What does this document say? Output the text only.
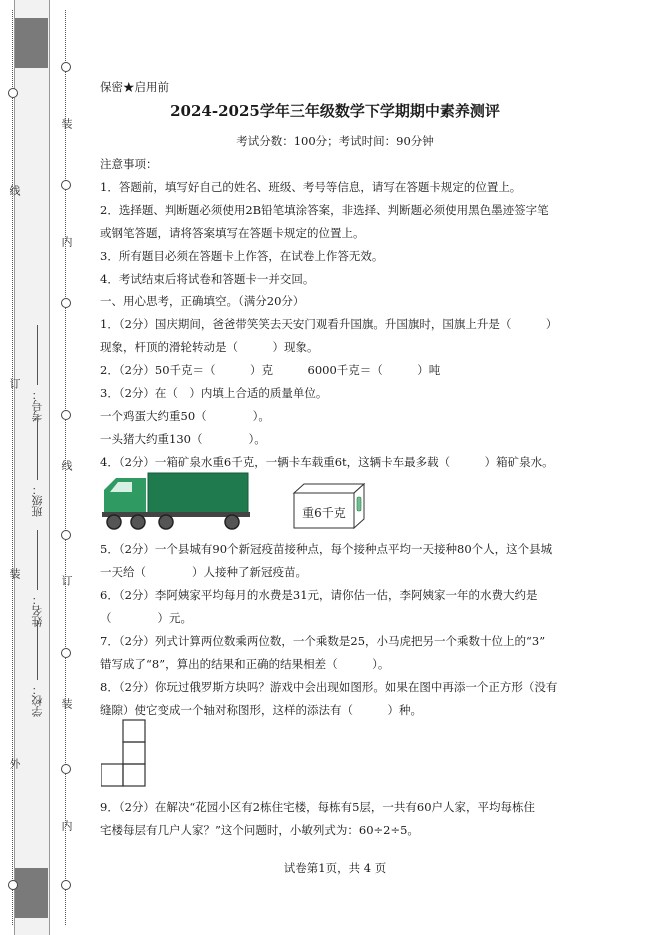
装
内
线
订
装
内
线
订
装
外
考号：
班级：
姓名：
学校：
保密★启用前
2024-2025学年三年级数学下学期期中素养测评
考试分数：100分；考试时间：90分钟
注意事项：
1．答题前，填写好自己的姓名、班级、考号等信息，请写在答题卡规定的位置上。
2．选择题、判断题必须使用2B铅笔填涂答案，非选择、判断题必须使用黑色墨迹签字笔
或钢笔答题，请将答案填写在答题卡规定的位置上。
3．所有题目必须在答题卡上作答，在试卷上作答无效。
4．考试结束后将试卷和答题卡一并交回。
一、用心思考，正确填空。（满分20分）
1．（2分）国庆期间，爸爸带笑笑去天安门观看升国旗。升国旗时，国旗上升是（　　　）
现象，杆顶的滑轮转动是（　　　）现象。
2．（2分）50千克＝（　　　）克　　　6000千克＝（　　　）吨
3．（2分）在（　）内填上合适的质量单位。
一个鸡蛋大约重50（　　　　）。
一头猪大约重130（　　　　）。
4．（2分）一箱矿泉水重6千克，一辆卡车载重6t，这辆卡车最多载（　　　）箱矿泉水。
5．（2分）一个县城有90个新冠疫苗接种点，每个接种点平均一天接种80个人，这个县城
一天给（　　　　）人接种了新冠疫苗。
6．（2分）李阿姨家平均每月的水费是31元，请你估一估，李阿姨家一年的水费大约是
（　　　　）元。
7．（2分）列式计算两位数乘两位数，一个乘数是25，小马虎把另一个乘数十位上的“3”
错写成了“8”，算出的结果和正确的结果相差（　　　）。
8．（2分）你玩过俄罗斯方块吗？游戏中会出现如图形。如果在图中再添一个正方形（没有
缝隙）使它变成一个轴对称图形，这样的添法有（　　　）种。
9．（2分）在解决“花园小区有2栋住宅楼，每栋有5层，一共有60户人家，平均每栋住
宅楼每层有几户人家？”这个问题时，小敏列式为：60÷2÷5。
重6千克
试卷第1页，共 4 页
